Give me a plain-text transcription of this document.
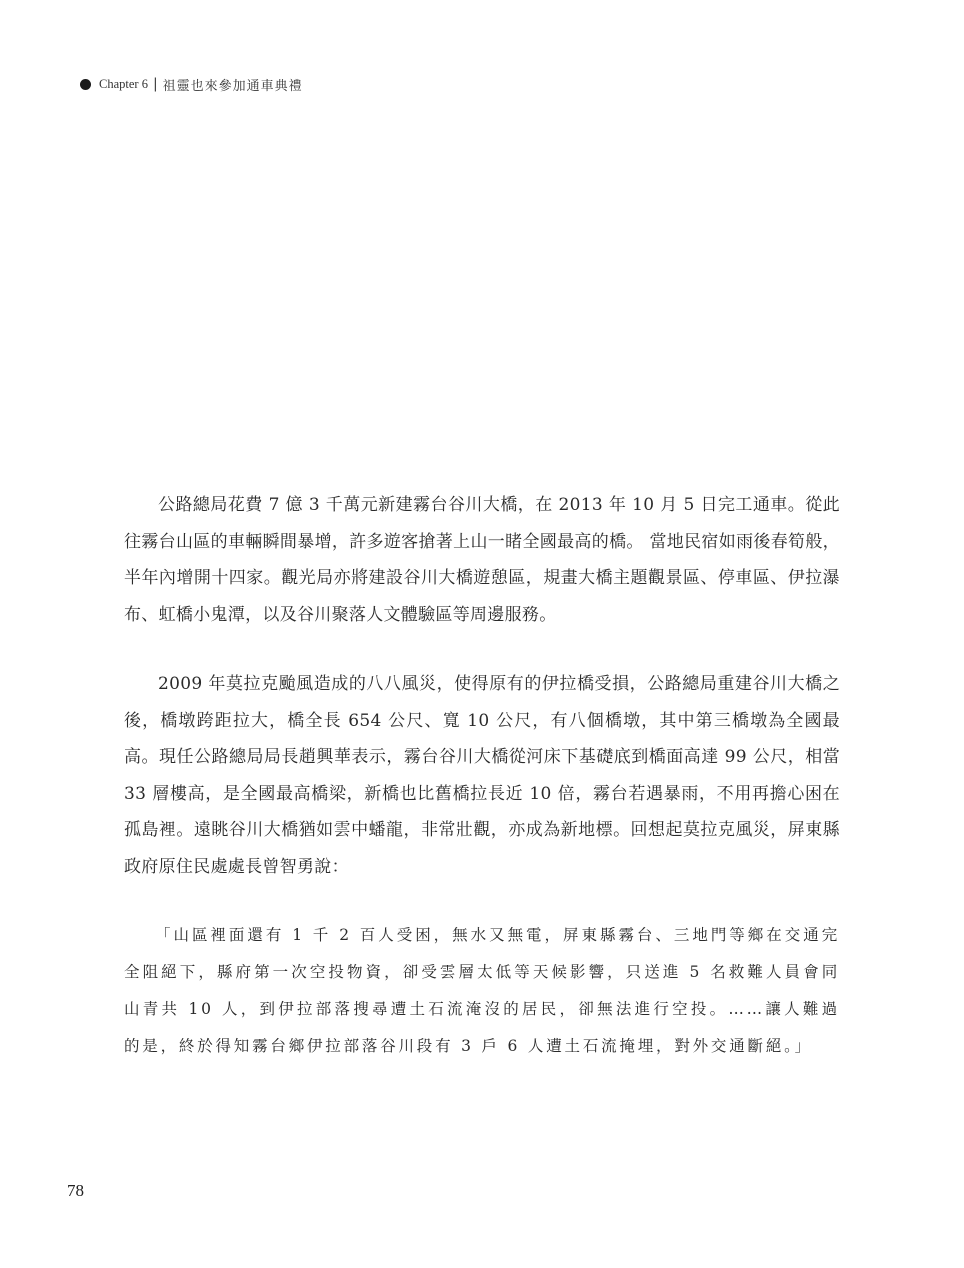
Chapter 6 | 祖靈也來參加通車典禮

公路總局花費 7 億 3 千萬元新建霧台谷川大橋，在 2013 年 10 月 5 日完工通車。從此往霧台山區的車輛瞬間暴增，許多遊客搶著上山一睹全國最高的橋。 當地民宿如雨後春筍般，半年內增開十四家。觀光局亦將建設谷川大橋遊憩區，規畫大橋主題觀景區、停車區、伊拉瀑布、虹橋小鬼潭，以及谷川聚落人文體驗區等周邊服務。

2009 年莫拉克颱風造成的八八風災，使得原有的伊拉橋受損，公路總局重建谷川大橋之後，橋墩跨距拉大，橋全長 654 公尺、寬 10 公尺，有八個橋墩，其中第三橋墩為全國最高。現任公路總局局長趙興華表示，霧台谷川大橋從河床下基礎底到橋面高達 99 公尺，相當 33 層樓高，是全國最高橋梁，新橋也比舊橋拉長近 10 倍，霧台若遇暴雨，不用再擔心困在孤島裡。遠眺谷川大橋猶如雲中蟠龍，非常壯觀，亦成為新地標。回想起莫拉克風災，屏東縣政府原住民處處長曾智勇說：

「山區裡面還有 1 千 2 百人受困，無水又無電，屏東縣霧台、三地門等鄉在交通完全阻絕下，縣府第一次空投物資，卻受雲層太低等天候影響，只送進 5 名救難人員會同山青共 10 人，到伊拉部落搜尋遭土石流淹沒的居民，卻無法進行空投。……讓人難過的是，終於得知霧台鄉伊拉部落谷川段有 3 戶 6 人遭土石流掩埋，對外交通斷絕。」

78
